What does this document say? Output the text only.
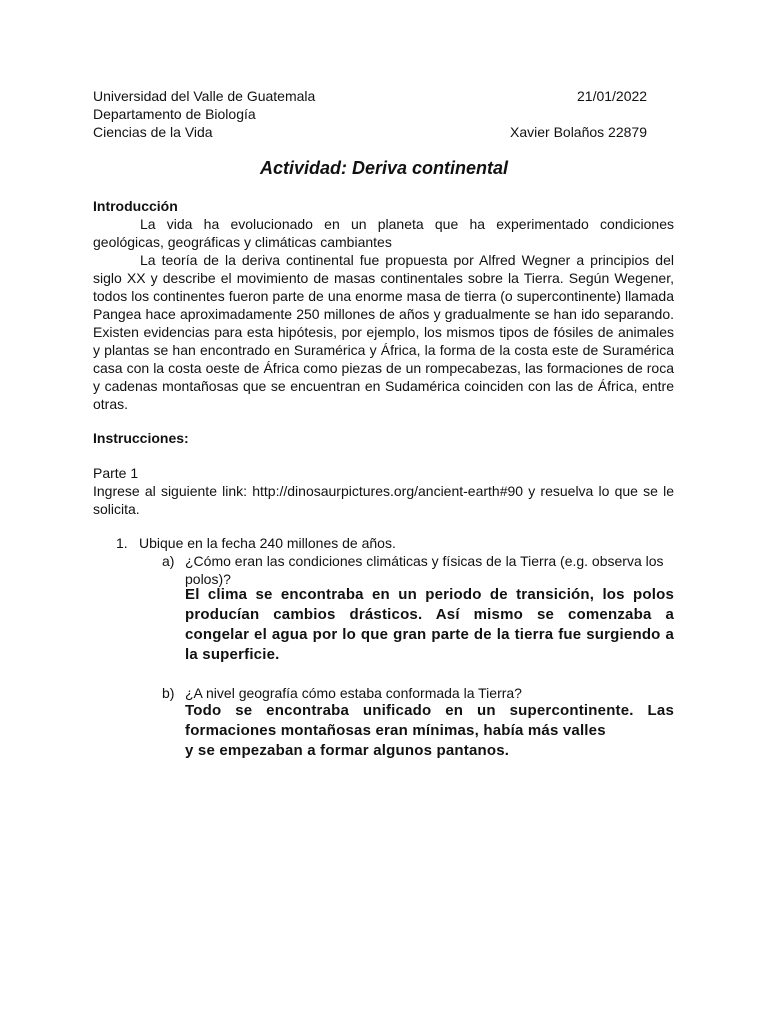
Universidad del Valle de Guatemala	21/01/2022
Departamento de Biología
Ciencias de la Vida	Xavier Bolaños 22879
Actividad: Deriva continental
Introducción
La vida ha evolucionado en un planeta que ha experimentado condiciones geológicas, geográficas y climáticas cambiantes
La teoría de la deriva continental fue propuesta por Alfred Wegner a principios del siglo XX y describe el movimiento de masas continentales sobre la Tierra. Según Wegener, todos los continentes fueron parte de una enorme masa de tierra (o supercontinente) llamada Pangea hace aproximadamente 250 millones de años y gradualmente se han ido separando. Existen evidencias para esta hipótesis, por ejemplo, los mismos tipos de fósiles de animales y plantas se han encontrado en Suramérica y África, la forma de la costa este de Suramérica casa con la costa oeste de África como piezas de un rompecabezas, las formaciones de roca y cadenas montañosas que se encuentran en Sudamérica coinciden con las de África, entre otras.
Instrucciones:
Parte 1
Ingrese al siguiente link: http://dinosaurpictures.org/ancient-earth#90 y resuelva lo que se le solicita.
1. Ubique en la fecha 240 millones de años.
a) ¿Cómo eran las condiciones climáticas y físicas de la Tierra (e.g. observa los
polos)?
El clima se encontraba en un periodo de transición, los polos producían cambios drásticos. Así mismo se comenzaba a congelar el agua por lo que gran parte de la tierra fue surgiendo a la superficie.
b) ¿A nivel geografía cómo estaba conformada la Tierra?
Todo se encontraba unificado en un supercontinente. Las
formaciones montañosas eran mínimas, había más valles
y se empezaban a formar algunos pantanos.
